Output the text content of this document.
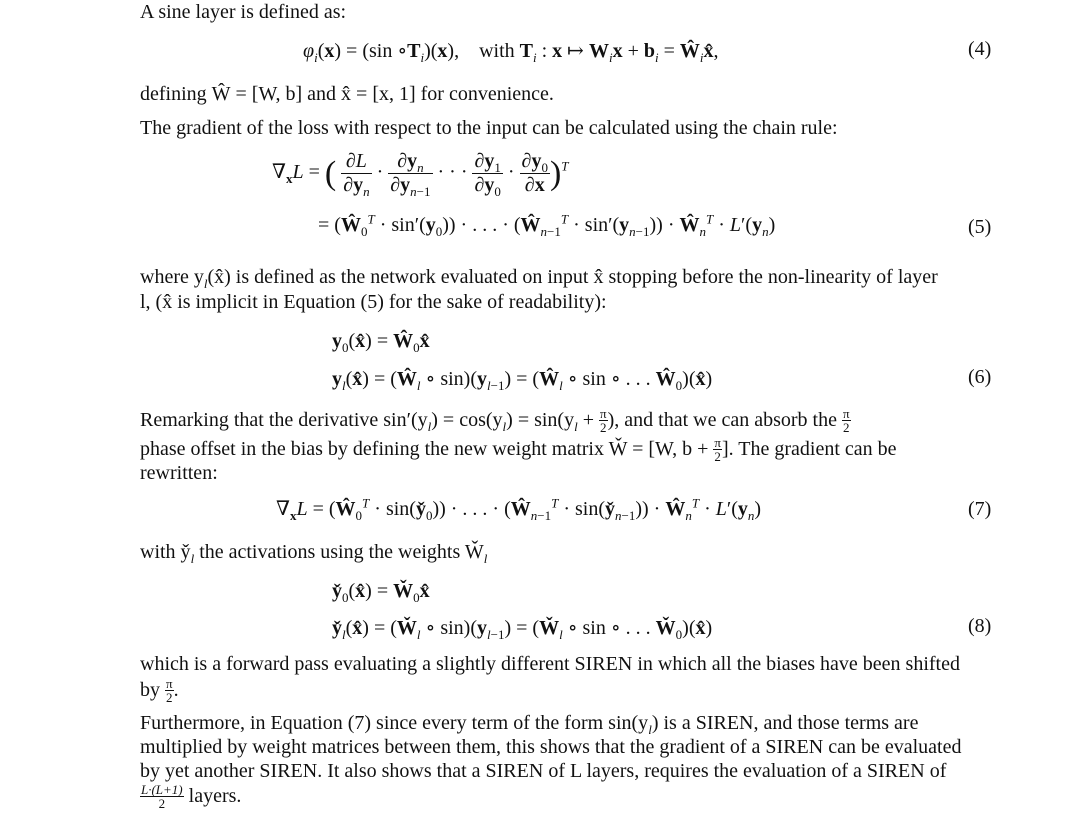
A sine layer is defined as:
$\varphi_i(x) = (\sin$ $\circ T_i)(x)$,    with $T_i$ : x ↦ $W_ix + b_i$ = $Ŵ_ix̂$,	(4)
defining Ŵ = [W, b] and x̂ = [x, 1] for convenience.
The gradient of the loss with respect to the input can be calculated using the chain rule:
$\nabla_xL$ = ( $\frac{\partial L}{\partial y_n} \cdot \frac{\partial y_n}{\partial y_{n-1}}$ · · · $\frac{\partial y_1}{\partial y_0} \cdot \frac{\partial y_0}{\partial x} )^T$
= $(Ŵ_0^T \cdot \sin'(y_0))$ · . . . · $(Ŵ_{n-1}^T \cdot \sin'(y_{n-1}))$ · $Ŵ_n^T \cdot L'(y_n)$	(5)
where $y_l(x̂)$ is defined as the network evaluated on input x̂ stopping before the non-linearity of layer
l, (x̂ is implicit in Equation (5) for the sake of readability):
$y_0(x̂)$ = $Ŵ_0x̂$
$y_l(x̂)$ = ($Ŵ_l$ ∘ $\sin)(y_{l-1})$ = ($Ŵ_l$ ∘ sin ∘ . . . $Ŵ_0)(x̂)$	(6)
Remarking that the derivative $\sin'(y_l) = \cos(y_l) = \sin(y_l + \frac{\pi}{2}$ ), and that we can absorb the $\frac{\pi}{2}$
phase offset in the bias by defining the new weight matrix W̌ = [W, $b + \frac{\pi}{2}$ ]. The gradient can be
rewritten:
$\nabla_xL$ = ($Ŵ_0^T$ · $\sin(y̌_0)$) · . . . · ($Ŵ_{n-1}^T$ · $\sin(y̌_{n-1})$) · $Ŵ_n^T \cdot L'(y_n)$	(7)
with $y̌_l$ the activations using the weights $W̌_l$
$y̌_0(x̂)$ = $W̌_0x̂$
$y̌_l(x̂)$ = ($W̌_l$ ∘ $\sin)(y_{l-1})$ = ($W̌_l$ ∘ sin ∘ . . . $W̌_0)(x̂)$	(8)
which is a forward pass evaluating a slightly different SIREN in which all the biases have been shifted
by $\frac{\pi}{2}$ .
Furthermore, in Equation (7) since every term of the form $\sin(y_l)$ is a SIREN, and those terms are
multiplied by weight matrices between them, this shows that the gradient of a SIREN can be evaluated
by yet another SIREN. It also shows that a SIREN of L layers, requires the evaluation of a SIREN of
$\frac{L\cdot(L+1)}{2}$ layers.
